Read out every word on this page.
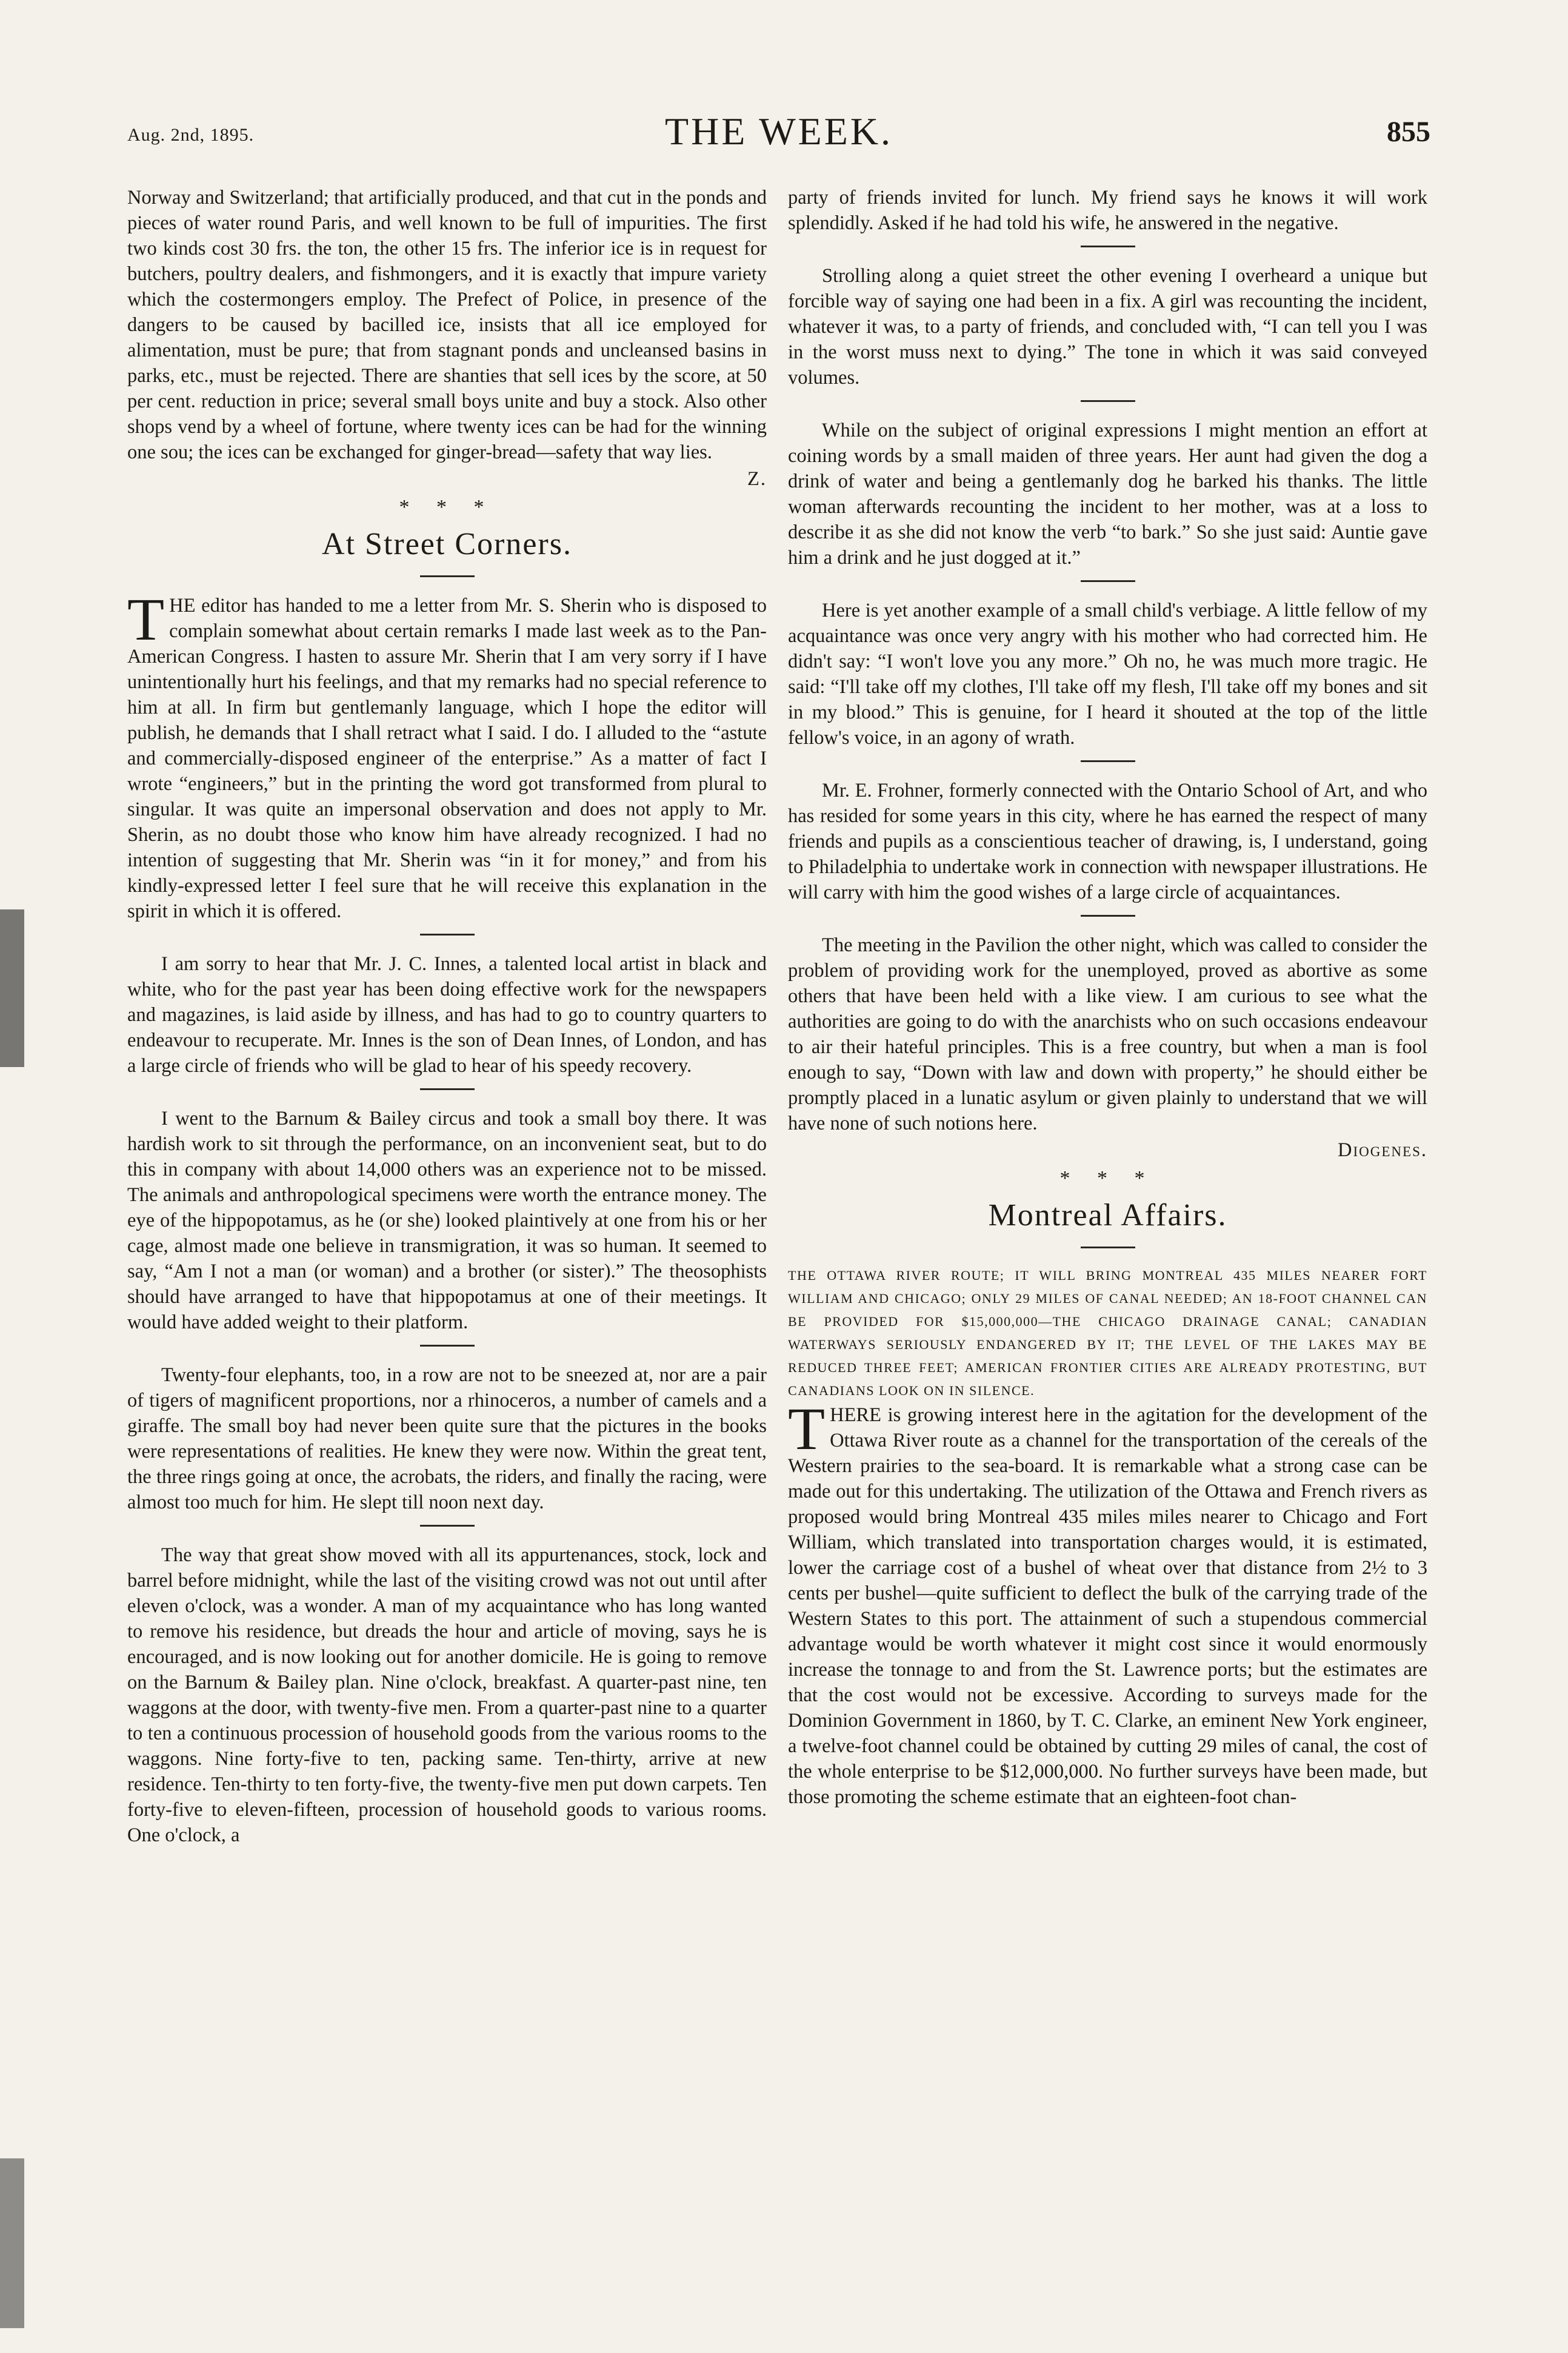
Aug. 2nd, 1895.	THE WEEK.	855

Norway and Switzerland; that artificially produced, and that cut in the ponds and pieces of water round Paris, and well known to be full of impurities. The first two kinds cost 30 frs. the ton, the other 15 frs. The inferior ice is in request for butchers, poultry dealers, and fishmongers, and it is exactly that impure variety which the costermongers employ. The Prefect of Police, in presence of the dangers to be caused by bacilled ice, insists that all ice employed for alimentation, must be pure; that from stagnant ponds and uncleansed basins in parks, etc., must be rejected. There are shanties that sell ices by the score, at 50 per cent. reduction in price; several small boys unite and buy a stock. Also other shops vend by a wheel of fortune, where twenty ices can be had for the winning one sou; the ices can be exchanged for ginger-bread—safety that way lies.

Z.
* * *
At Street Corners.

THE editor has handed to me a letter from Mr. S. Sherin who is disposed to complain somewhat about certain remarks I made last week as to the Pan-American Congress. I hasten to assure Mr. Sherin that I am very sorry if I have unintentionally hurt his feelings, and that my remarks had no special reference to him at all. In firm but gentlemanly language, which I hope the editor will publish, he demands that I shall retract what I said. I do. I alluded to the “astute and commercially-disposed engineer of the enterprise.” As a matter of fact I wrote “engineers,” but in the printing the word got transformed from plural to singular. It was quite an impersonal observation and does not apply to Mr. Sherin, as no doubt those who know him have already recognized. I had no intention of suggesting that Mr. Sherin was “in it for money,” and from his kindly-expressed letter I feel sure that he will receive this explanation in the spirit in which it is offered.

I am sorry to hear that Mr. J. C. Innes, a talented local artist in black and white, who for the past year has been doing effective work for the newspapers and magazines, is laid aside by illness, and has had to go to country quarters to endeavour to recuperate. Mr. Innes is the son of Dean Innes, of London, and has a large circle of friends who will be glad to hear of his speedy recovery.

I went to the Barnum & Bailey circus and took a small boy there. It was hardish work to sit through the performance, on an inconvenient seat, but to do this in company with about 14,000 others was an experience not to be missed. The animals and anthropological specimens were worth the entrance money. The eye of the hippopotamus, as he (or she) looked plaintively at one from his or her cage, almost made one believe in transmigration, it was so human. It seemed to say, “Am I not a man (or woman) and a brother (or sister).” The theosophists should have arranged to have that hippopotamus at one of their meetings. It would have added weight to their platform.

Twenty-four elephants, too, in a row are not to be sneezed at, nor are a pair of tigers of magnificent proportions, nor a rhinoceros, a number of camels and a giraffe. The small boy had never been quite sure that the pictures in the books were representations of realities. He knew they were now. Within the great tent, the three rings going at once, the acrobats, the riders, and finally the racing, were almost too much for him. He slept till noon next day.

The way that great show moved with all its appurtenances, stock, lock and barrel before midnight, while the last of the visiting crowd was not out until after eleven o'clock, was a wonder. A man of my acquaintance who has long wanted to remove his residence, but dreads the hour and article of moving, says he is encouraged, and is now looking out for another domicile. He is going to remove on the Barnum & Bailey plan. Nine o'clock, breakfast. A quarter-past nine, ten waggons at the door, with twenty-five men. From a quarter-past nine to a quarter to ten a continuous procession of household goods from the various rooms to the waggons. Nine forty-five to ten, packing same. Ten-thirty, arrive at new residence. Ten-thirty to ten forty-five, the twenty-five men put down carpets. Ten forty-five to eleven-fifteen, procession of household goods to various rooms. One o'clock, a

party of friends invited for lunch. My friend says he knows it will work splendidly. Asked if he had told his wife, he answered in the negative.

Strolling along a quiet street the other evening I overheard a unique but forcible way of saying one had been in a fix. A girl was recounting the incident, whatever it was, to a party of friends, and concluded with, “I can tell you I was in the worst muss next to dying.” The tone in which it was said conveyed volumes.

While on the subject of original expressions I might mention an effort at coining words by a small maiden of three years. Her aunt had given the dog a drink of water and being a gentlemanly dog he barked his thanks. The little woman afterwards recounting the incident to her mother, was at a loss to describe it as she did not know the verb “to bark.” So she just said: Auntie gave him a drink and he just dogged at it.”

Here is yet another example of a small child's verbiage. A little fellow of my acquaintance was once very angry with his mother who had corrected him. He didn't say: “I won't love you any more.” Oh no, he was much more tragic. He said: “I'll take off my clothes, I'll take off my flesh, I'll take off my bones and sit in my blood.” This is genuine, for I heard it shouted at the top of the little fellow's voice, in an agony of wrath.

Mr. E. Frohner, formerly connected with the Ontario School of Art, and who has resided for some years in this city, where he has earned the respect of many friends and pupils as a conscientious teacher of drawing, is, I understand, going to Philadelphia to undertake work in connection with newspaper illustrations. He will carry with him the good wishes of a large circle of acquaintances.

The meeting in the Pavilion the other night, which was called to consider the problem of providing work for the unemployed, proved as abortive as some others that have been held with a like view. I am curious to see what the authorities are going to do with the anarchists who on such occasions endeavour to air their hateful principles. This is a free country, but when a man is fool enough to say, “Down with law and down with property,” he should either be promptly placed in a lunatic asylum or given plainly to understand that we will have none of such notions here.

Diogenes.
* * *
Montreal Affairs.

THE OTTAWA RIVER ROUTE; IT WILL BRING MONTREAL 435 MILES NEARER FORT WILLIAM AND CHICAGO; ONLY 29 MILES OF CANAL NEEDED; AN 18-FOOT CHANNEL CAN BE PROVIDED FOR $15,000,000—THE CHICAGO DRAINAGE CANAL; CANADIAN WATERWAYS SERIOUSLY ENDANGERED BY IT; THE LEVEL OF THE LAKES MAY BE REDUCED THREE FEET; AMERICAN FRONTIER CITIES ARE ALREADY PROTESTING, BUT CANADIANS LOOK ON IN SILENCE.

THERE is growing interest here in the agitation for the development of the Ottawa River route as a channel for the transportation of the cereals of the Western prairies to the sea-board. It is remarkable what a strong case can be made out for this undertaking. The utilization of the Ottawa and French rivers as proposed would bring Montreal 435 miles miles nearer to Chicago and Fort William, which translated into transportation charges would, it is estimated, lower the carriage cost of a bushel of wheat over that distance from 2½ to 3 cents per bushel—quite sufficient to deflect the bulk of the carrying trade of the Western States to this port. The attainment of such a stupendous commercial advantage would be worth whatever it might cost since it would enormously increase the tonnage to and from the St. Lawrence ports; but the estimates are that the cost would not be excessive. According to surveys made for the Dominion Government in 1860, by T. C. Clarke, an eminent New York engineer, a twelve-foot channel could be obtained by cutting 29 miles of canal, the cost of the whole enterprise to be $12,000,000. No further surveys have been made, but those promoting the scheme estimate that an eighteen-foot chan-
